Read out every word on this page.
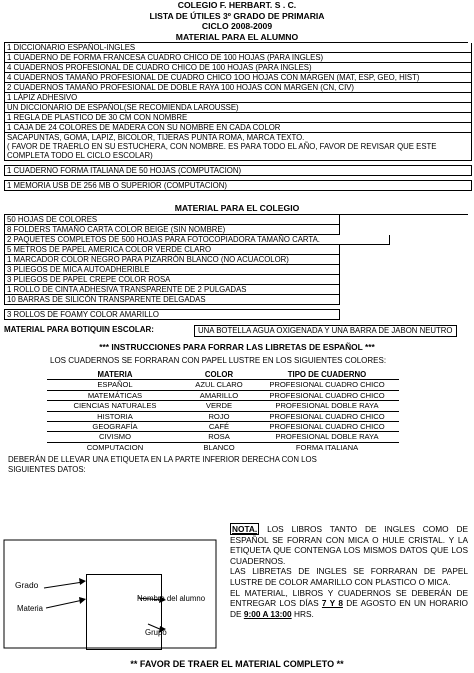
COLEGIO F. HERBART. S . C.
LISTA DE ÚTILES 3º GRADO DE PRIMARIA
CICLO 2008-2009
MATERIAL PARA EL ALUMNO
1 DICCIONARIO ESPAÑOL-INGLES
1 CUADERNO DE FORMA FRANCESA CUADRO CHICO DE 100 HOJAS (PARA INGLES)
4 CUADERNOS PROFESIONAL DE CUADRO CHICO DE 100 HOJAS (PARA INGLES)
4 CUADERNOS TAMAÑO PROFESIONAL DE CUADRO CHICO 1OO HOJAS CON MARGEN (MAT, ESP, GEO, HIST)
2 CUADERNOS TAMAÑO PROFESIONAL DE DOBLE RAYA 100 HOJAS CON MARGEN (CN, CIV)
1 LÁPIZ ADHESIVO
UN DICCIONARIO DE ESPAÑOL(SE RECOMIENDA LAROUSSE)
1 REGLA DE PLASTICO DE 30 CM CON NOMBRE
1 CAJA DE 24 COLORES DE MADERA CON SU NOMBRE EN CADA COLOR
SACAPUNTAS, GOMA, LAPIZ, BICOLOR, TIJERAS PUNTA ROMA, MARCA TEXTO.
( FAVOR DE TRAERLO EN SU ESTUCHERA, CON NOMBRE. ES PARA TODO EL AÑO, FAVOR DE REVISAR QUE ESTE COMPLETA TODO EL CICLO ESCOLAR)
1 CUADERNO FORMA ITALIANA DE 50 HOJAS (COMPUTACION)
1 MEMORIA USB DE 256 MB O SUPERIOR (COMPUTACION)
MATERIAL PARA EL COLEGIO
50 HOJAS DE COLORES
8 FOLDERS TAMAÑO CARTA COLOR BEIGE (SIN NOMBRE)
2 PAQUETES COMPLETOS DE 500 HOJAS PARA FOTOCOPIADORA TAMAÑO CARTA.
5 METROS DE PAPEL AMERICA COLOR VERDE CLARO
1 MARCADOR COLOR NEGRO PARA PIZARRÓN BLANCO (NO ACUACOLOR)
3 PLIEGOS DE MICA AUTOADHERIBLE
3 PLIEGOS DE PAPEL CREPE COLOR ROSA
1 ROLLO DE CINTA ADHESIVA TRANSPARENTE DE 2 PULGADAS
10 BARRAS DE SILICÓN TRANSPARENTE DELGADAS
3 ROLLOS DE FOAMY COLOR AMARILLO
MATERIAL PARA BOTIQUIN ESCOLAR:	UNA BOTELLA AGUA OXIGENADA Y UNA BARRA DE JABON NEUTRO
*** INSTRUCCIONES PARA FORRAR LAS LIBRETAS DE ESPAÑOL ***
LOS CUADERNOS SE FORRARAN CON PAPEL LUSTRE EN LOS SIGUIENTES COLORES:
MATERIA	COLOR	TIPO DE CUADERNO
ESPAÑOL	AZUL CLARO	PROFESIONAL CUADRO CHICO
MATEMÁTICAS	AMARILLO	PROFESIONAL CUADRO CHICO
CIENCIAS NATURALES	VERDE	PROFESIONAL DOBLE RAYA
HISTORIA	ROJO	PROFESIONAL CUADRO CHICO
GEOGRAFÍA	CAFÉ	PROFESIONAL CUADRO CHICO
CIVISMO	ROSA	PROFESIONAL DOBLE RAYA
COMPUTACION	BLANCO	FORMA ITALIANA
DEBERÁN DE LLEVAR UNA ETIQUETA EN LA PARTE INFERIOR DERECHA CON LOS SIGUIENTES DATOS:
Grado
Materia
Nombre del alumno
Grupo

NOTA. LOS LIBROS TANTO DE INGLES COMO DE ESPAÑOL SE FORRAN CON MICA O HULE CRISTAL. Y LA ETIQUETA QUE CONTENGA LOS MISMOS DATOS QUE LOS CUADERNOS.

LAS LIBRETAS DE INGLES SE FORRARAN DE PAPEL LUSTRE DE COLOR AMARILLO CON PLASTICO O MICA.

EL MATERIAL, LIBROS Y CUADERNOS SE DEBERÁN DE ENTREGAR LOS DÍAS 7 Y 8 DE AGOSTO EN UN HORARIO DE 9:00 A 13:00 HRS.

** FAVOR DE TRAER EL MATERIAL COMPLETO **
